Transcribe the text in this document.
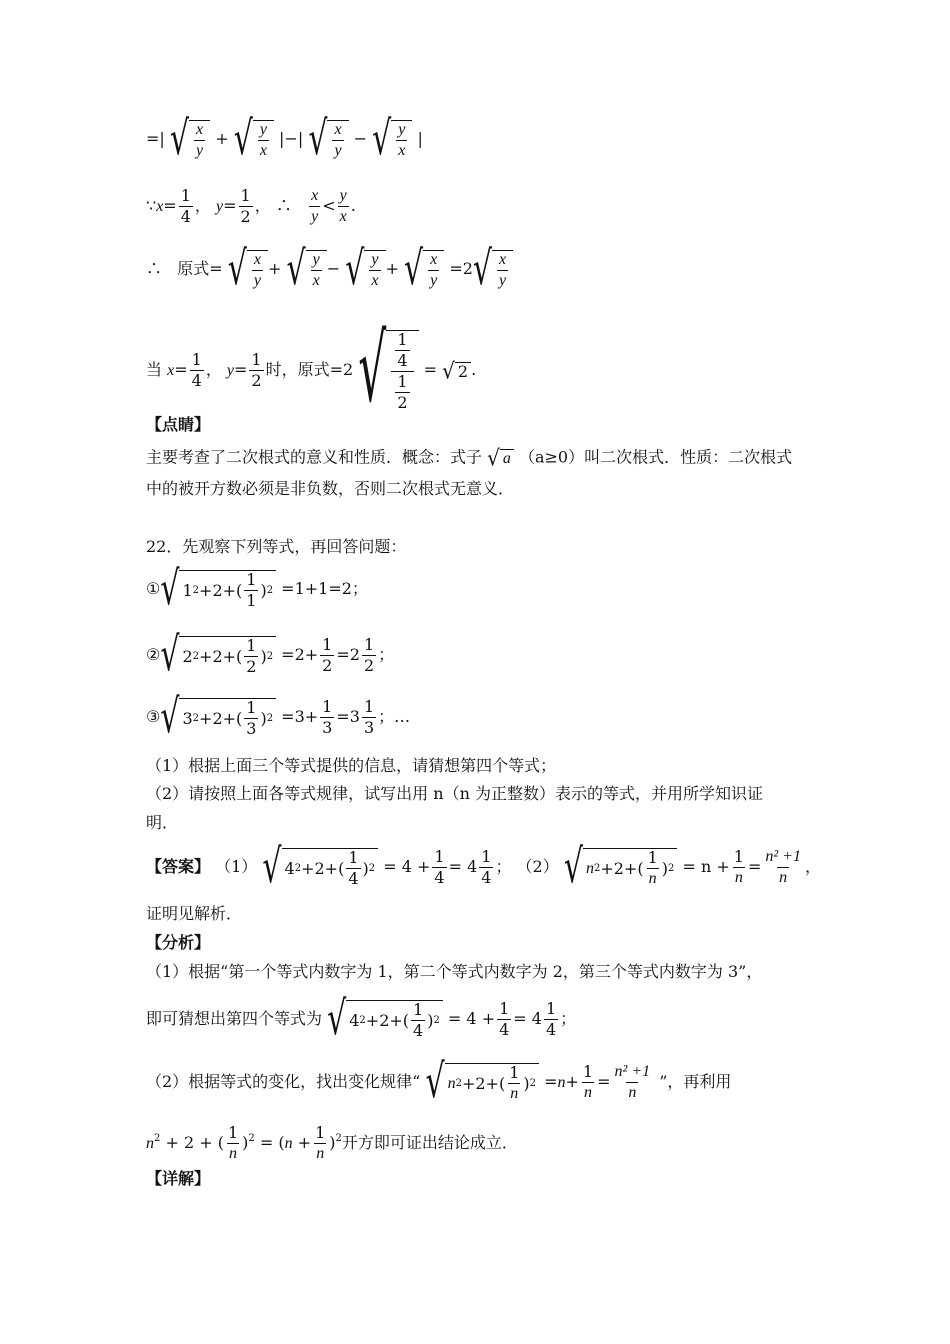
=| √ $\frac{x}{y}$ + √ $\frac{y}{x}$ |−| √ $\frac{x}{y}$ − √ $\frac{y}{x}$ |
∵x= $\frac{1}{4}$ ， $y= \frac{1}{2}$ ， ∴ $\frac{x}{y} < \frac{y}{x}$ .
∴ 原式= √ $\frac{x}{y}$ + √ $\frac{y}{x}$ − √ $\frac{y}{x}$ + √ $\frac{x}{y} =2$ √ $\frac{x}{y}$
当 $x= \frac{1}{4}$ ， $y= \frac{1}{2}$ 时，原式=2 √ $\frac{\frac{1}{4}}{\frac{1}{2}}$ = √ 2 .
【点睛】
主要考查了二次根式的意义和性质．概念：式子 √ a （a≥0）叫二次根式．性质：二次根式
中的被开方数必须是非负数，否则二次根式无意义．
22．先观察下列等式，再回答问题：
① √ 1 $2 +2+( \frac{1}{1}$ ) 2 =1+1=2；
② √ 2 $2 +2+( \frac{1}{2}$ ) $2 =2+ \frac{1}{2} =2 \frac{1}{2}$ ；
③ √ 3 $2 +2+( \frac{1}{3}$ ) $2 =3+ \frac{1}{3} =3 \frac{1}{3}$ ；…
（1）根据上面三个等式提供的信息，请猜想第四个等式；
（2）请按照上面各等式规律，试写出用 n（n 为正整数）表示的等式，并用所学知识证
明．
【答案】 （1） √ 4 $2 +2+( \frac{1}{4}$ ) $2 = 4 + \frac{1}{4} = 4 \frac{1}{4}$ ； （2） √ n $2 +2+( \frac{1}{n}$ ) $2 = n + \frac{1}{n} = \frac{\text{n² +1}}{n}$ ，
证明见解析．
【分析】
（1）根据“第一个等式内数字为 1，第二个等式内数字为 2，第三个等式内数字为 3”，
即可猜想出第四个等式为 √ 4 $2 +2+( \frac{1}{4}$ ) $2 = 4 + \frac{1}{4} = 4 \frac{1}{4}$ ；
（2）根据等式的变化，找出变化规律“ √ n $2 +2+( \frac{1}{n}$ ) $2 =n+ \frac{1}{n} = \frac{\text{n² +1}}{n}$ ”，再利用
$n^2 + 2$ + ( $\frac{1}{n} )^2 = (n + \frac{1}{n} )^2$开方即可证出结论成立．
【详解】
